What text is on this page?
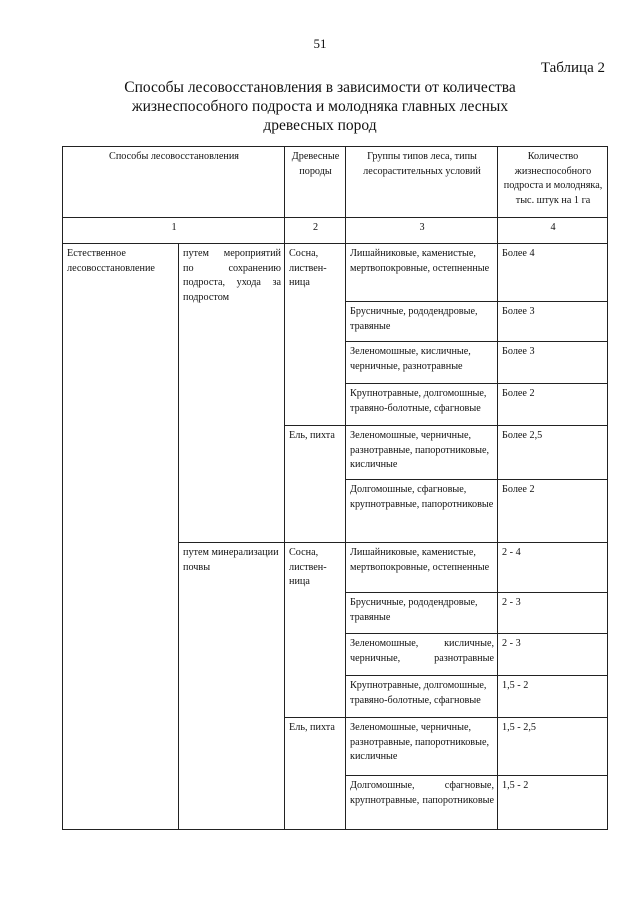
51
Таблица 2
Способы лесовосстановления в зависимости от количества
жизнеспособного подроста и молодняка главных лесных
древесных пород
Способы лесовосстановления		Древесные породы	Группы типов леса, типы лесорастительных условий	Количество жизнеспособного подроста и молодняка, тыс. штук на 1 га
1		2	3	4
Естественное лесовосстановление	путем мероприятий по сохранению подроста, ухода за подростом	Сосна, листвен-ница	Лишайниковые, каменистые, мертвопокровные, остепненные	Более 4
			Брусничные, рододендровые, травяные	Более 3
			Зеленомошные, кисличные, черничные, разнотравные	Более 3
			Крупнотравные, долгомошные, травяно-болотные, сфагновые	Более 2
		Ель, пихта	Зеленомошные, черничные, разнотравные, папоротниковые, кисличные	Более 2,5
			Долгомошные, сфагновые, крупнотравные, папоротниковые	Более 2
	путем минерализации почвы	Сосна, листвен-ница	Лишайниковые, каменистые, мертвопокровные, остепненные	2 - 4
			Брусничные, рододендровые, травяные	2 - 3
			Зеленомошные, кисличные, черничные, разнотравные	2 - 3
			Крупнотравные, долгомошные, травяно-болотные, сфагновые	1,5 - 2
		Ель, пихта	Зеленомошные, черничные, разнотравные, папоротниковые, кисличные	1,5 - 2,5
			Долгомошные, сфагновые, крупнотравные, папоротниковые	1,5 - 2
